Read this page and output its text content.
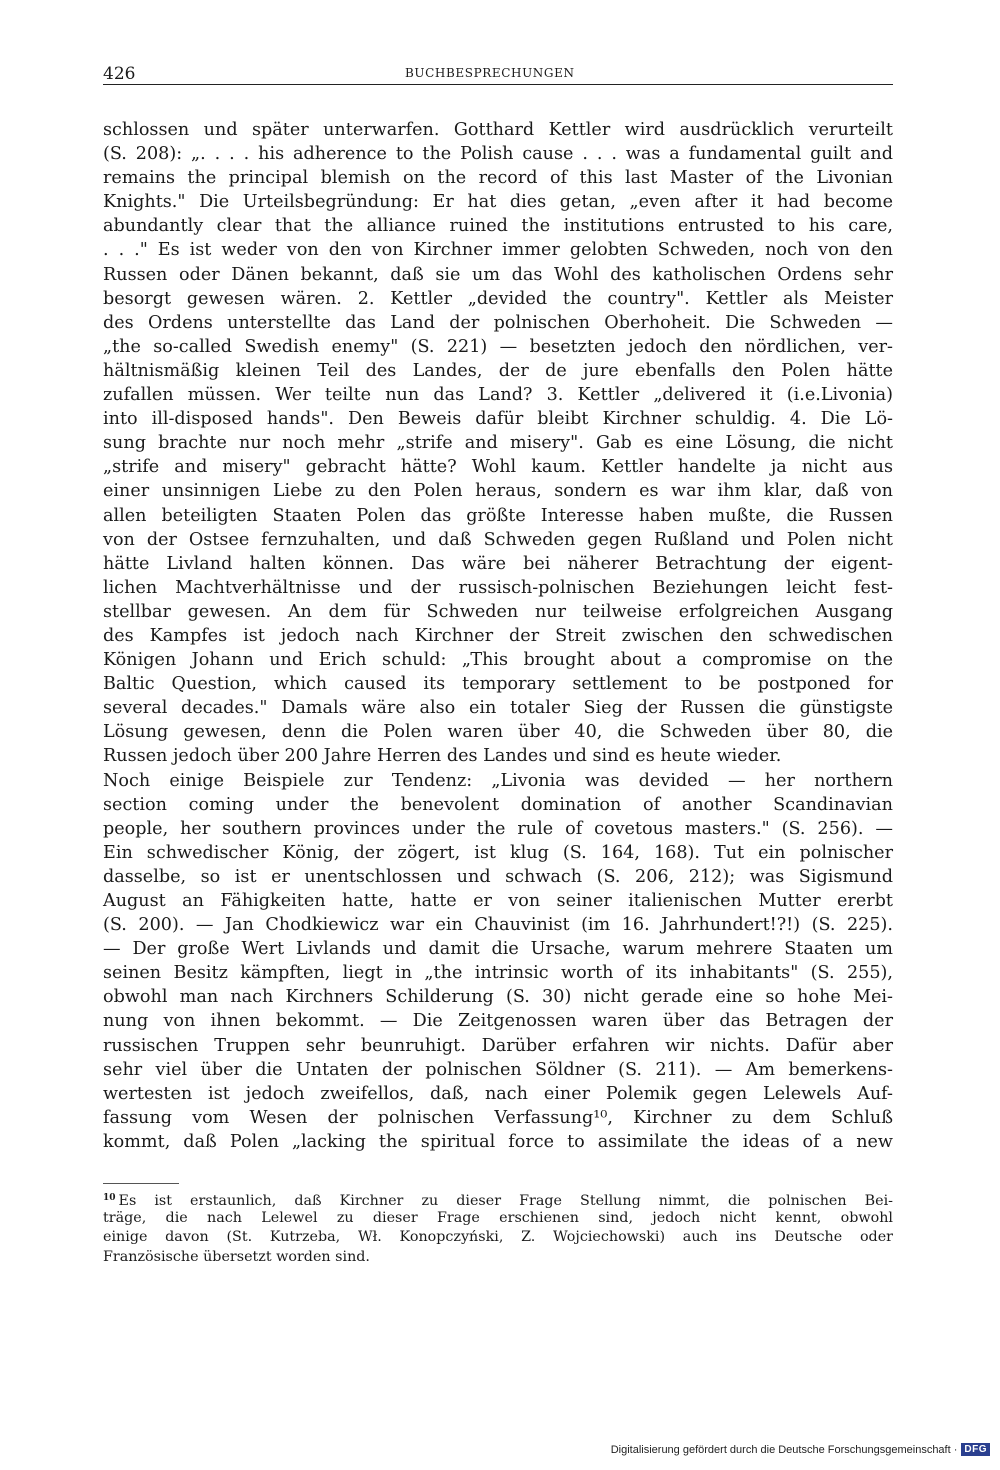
426	BUCHBESPRECHUNGEN
schlossen und später unterwarfen. Gotthard Kettler wird ausdrücklich verurteilt
(S. 208): „. . . . his adherence to the Polish cause . . . was a fundamental guilt and
remains the principal blemish on the record of this last Master of the Livonian
Knights." Die Urteilsbegründung: Er hat dies getan, „even after it had become
abundantly clear that the alliance ruined the institutions entrusted to his care,
. . ." Es ist weder von den von Kirchner immer gelobten Schweden, noch von den
Russen oder Dänen bekannt, daß sie um das Wohl des katholischen Ordens sehr
besorgt gewesen wären. 2. Kettler „devided the country". Kettler als Meister
des Ordens unterstellte das Land der polnischen Oberhoheit. Die Schweden —
„the so-called Swedish enemy" (S. 221) — besetzten jedoch den nördlichen, ver-
hältnismäßig kleinen Teil des Landes, der de jure ebenfalls den Polen hätte
zufallen müssen. Wer teilte nun das Land? 3. Kettler „delivered it (i.e.Livonia)
into ill-disposed hands". Den Beweis dafür bleibt Kirchner schuldig. 4. Die Lö-
sung brachte nur noch mehr „strife and misery". Gab es eine Lösung, die nicht
„strife and misery" gebracht hätte? Wohl kaum. Kettler handelte ja nicht aus
einer unsinnigen Liebe zu den Polen heraus, sondern es war ihm klar, daß von
allen beteiligten Staaten Polen das größte Interesse haben mußte, die Russen
von der Ostsee fernzuhalten, und daß Schweden gegen Rußland und Polen nicht
hätte Livland halten können. Das wäre bei näherer Betrachtung der eigent-
lichen Machtverhältnisse und der russisch-polnischen Beziehungen leicht fest-
stellbar gewesen. An dem für Schweden nur teilweise erfolgreichen Ausgang
des Kampfes ist jedoch nach Kirchner der Streit zwischen den schwedischen
Königen Johann und Erich schuld: „This brought about a compromise on the
Baltic Question, which caused its temporary settlement to be postponed for
several decades." Damals wäre also ein totaler Sieg der Russen die günstigste
Lösung gewesen, denn die Polen waren über 40, die Schweden über 80, die
Russen jedoch über 200 Jahre Herren des Landes und sind es heute wieder.
Noch einige Beispiele zur Tendenz: „Livonia was devided — her northern
section coming under the benevolent domination of another Scandinavian
people, her southern provinces under the rule of covetous masters." (S. 256). —
Ein schwedischer König, der zögert, ist klug (S. 164, 168). Tut ein polnischer
dasselbe, so ist er unentschlossen und schwach (S. 206, 212); was Sigismund
August an Fähigkeiten hatte, hatte er von seiner italienischen Mutter ererbt
(S. 200). — Jan Chodkiewicz war ein Chauvinist (im 16. Jahrhundert!?!) (S. 225).
— Der große Wert Livlands und damit die Ursache, warum mehrere Staaten um
seinen Besitz kämpften, liegt in „the intrinsic worth of its inhabitants" (S. 255),
obwohl man nach Kirchners Schilderung (S. 30) nicht gerade eine so hohe Mei-
nung von ihnen bekommt. — Die Zeitgenossen waren über das Betragen der
russischen Truppen sehr beunruhigt. Darüber erfahren wir nichts. Dafür aber
sehr viel über die Untaten der polnischen Söldner (S. 211). — Am bemerkens-
wertesten ist jedoch zweifellos, daß, nach einer Polemik gegen Lelewels Auf-
fassung vom Wesen der polnischen Verfassung¹⁰, Kirchner zu dem Schluß
kommt, daß Polen „lacking the spiritual force to assimilate the ideas of a new
$^{10}$ Es ist erstaunlich, daß Kirchner zu dieser Frage Stellung nimmt, die polnischen Bei-
träge, die nach Lelewel zu dieser Frage erschienen sind, jedoch nicht kennt, obwohl
einige davon (St. Kutrzeba, Wł. Konopczyński, Z. Wojciechowski) auch ins Deutsche oder
Französische übersetzt worden sind.
Digitalisierung gefördert durch die Deutsche Forschungsgemeinschaft · DFG
